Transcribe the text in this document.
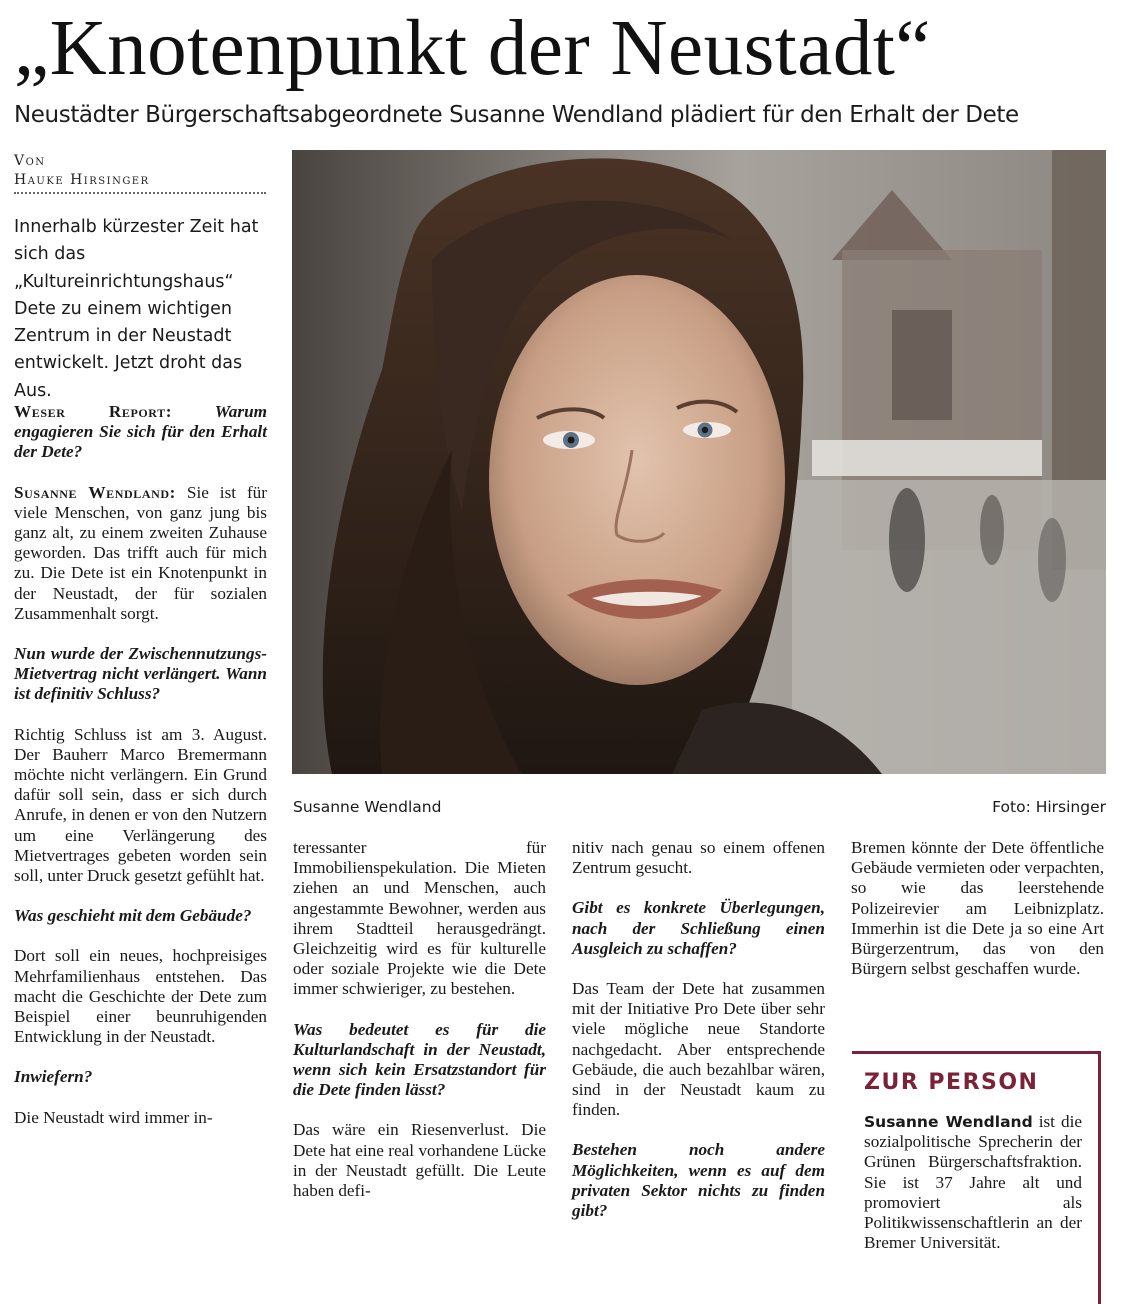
„Knotenpunkt der Neustadt“
Neustädter Bürgerschaftsabgeordnete Susanne Wendland plädiert für den Erhalt der Dete
Von
Hauke Hirsinger
Innerhalb kürzester Zeit hat sich das „Kultureinrichtungshaus“ Dete zu einem wichtigen Zentrum in der Neustadt entwickelt. Jetzt droht das Aus.

Weser Report: Warum engagieren Sie sich für den Erhalt der Dete?

Susanne Wendland: Sie ist für viele Menschen, von ganz jung bis ganz alt, zu einem zweiten Zuhause geworden. Das trifft auch für mich zu. Die Dete ist ein Knotenpunkt in der Neustadt, der für sozialen Zusammenhalt sorgt.

Nun wurde der Zwischennutzungs-Mietvertrag nicht verlängert. Wann ist definitiv Schluss?

Richtig Schluss ist am 3. August. Der Bauherr Marco Bremermann möchte nicht verlängern. Ein Grund dafür soll sein, dass er sich durch Anrufe, in denen er von den Nutzern um eine Verlängerung des Mietvertrages gebeten worden sein soll, unter Druck gesetzt gefühlt hat.

Was geschieht mit dem Gebäude?

Dort soll ein neues, hochpreisiges Mehrfamilienhaus entstehen. Das macht die Geschichte der Dete zum Beispiel einer beunruhigenden Entwicklung in der Neustadt.

Inwiefern?

Die Neustadt wird immer in-

Susanne Wendland	Foto: Hirsinger

teressanter für Immobilienspekulation. Die Mieten ziehen an und Menschen, auch angestammte Bewohner, werden aus ihrem Stadtteil herausgedrängt. Gleichzeitig wird es für kulturelle oder soziale Projekte wie die Dete immer schwieriger, zu bestehen.

Was bedeutet es für die Kulturlandschaft in der Neustadt, wenn sich kein Ersatzstandort für die Dete finden lässt?

Das wäre ein Riesenverlust. Die Dete hat eine real vorhandene Lücke in der Neustadt gefüllt. Die Leute haben defi-

nitiv nach genau so einem offenen Zentrum gesucht.

Gibt es konkrete Überlegungen, nach der Schließung einen Ausgleich zu schaffen?

Das Team der Dete hat zusammen mit der Initiative Pro Dete über sehr viele mögliche neue Standorte nachgedacht. Aber entsprechende Gebäude, die auch bezahlbar wären, sind in der Neustadt kaum zu finden.

Bestehen noch andere Möglichkeiten, wenn es auf dem privaten Sektor nichts zu finden gibt?

Bremen könnte der Dete öffentliche Gebäude vermieten oder verpachten, so wie das leerstehende Polizeirevier am Leibnizplatz. Immerhin ist die Dete ja so eine Art Bürgerzentrum, das von den Bürgern selbst geschaffen wurde.

ZUR PERSON
Susanne Wendland ist die sozialpolitische Sprecherin der Grünen Bürgerschaftsfraktion. Sie ist 37 Jahre alt und promoviert als Politikwissenschaftlerin an der Bremer Universität.
